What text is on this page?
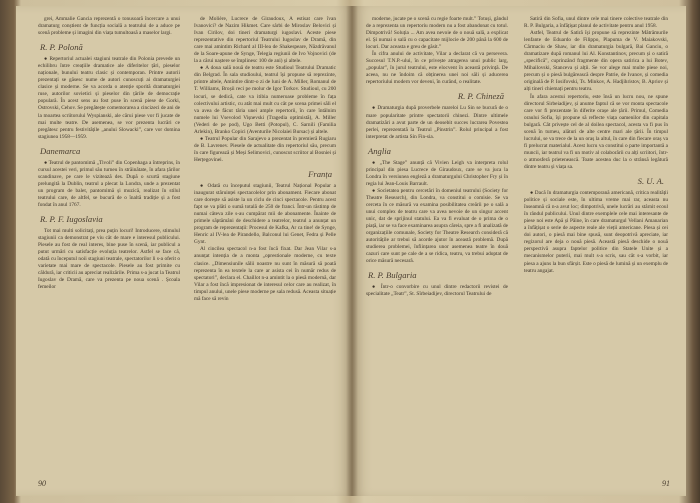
grei, Ammalie Gancia reprezentă o tonusoară încercare a unui dramaturg conștient de funcția socială a teatrului de a aduce pe scenă probleme și imagini din viața tumultoasă a maselor largi.

R. P. Polonă

● Repertoriul actualei stagiuni teatrale din Polonia prevede un echilibru între creațiile dramatice ale diferitelor țări, pieselor naționale, bunului teatru clasic și contemporan. Printre autorii prezentați se găsesc nume de autori cunoscuți ai dramaturgiei clasice și moderne. Se va acorda o atenție sporită dramaturgiei ruse, autorilor sovietici și pieselor din țările de democrație populară. În acest sens au fost puse în scenă piese de Gorki, Ostrovski, Cehov. Se pregătește comemorarea a cincizeci de ani de la moartea scriitorului Wyspianski, ale cărui piese vor fi jucate de mai multe teatre. De asemenea, se vor prezenta lucrări ce pregătesc pentru festivitățile „anului Slowacki”, care vor domina stagiunea 1958—1959.

Danemarca

● Teatrul de pantomimă „Tivoli” din Copenhaga a întreprins, în cursul acestei veri, primul său turneu în străinătate, în afara țărilor scandinave, pe care le vizitează des. După o scurtă stagiune prelungită la Dublin, teatrul a plecat la Londra, unde a prezentat un program de balet, pantomimă și muzică, realizat în stilul teatrului care, de altfel, se bucură de o înaltă tradiție și a fost fondat în anul 1767.

R. P. F. Iugoslavia

Tot mai multi solicitați, prea puțin locuri! Introducere, stimulul stagiunii ca demonstrat pe viu cât de mare e interesul publicului. Piesele au fost de real interes, bine puse în scenă, iar publicul a putut urmări cu satisfacție evoluția teatrelor. Astfel se face că, odată cu începutul noii stagiuni teatrale, spectatorilor li s-a oferit o varietate mai mare de spectacole. Piesele au fost primite cu căldură, iar criticii au apreciat realizările. Prima s-a jucat la Teatrul Iugoslav de Dramă, care va prezenta pe noua scenă . Școala femeilor

de Molière, Lucrece de Giraudoux, A estisat care îvan Ivanovici? de Nazim Hikmet. Care sârbi de Miroslav Belovici și Ivan Cirilov, doi tineri dramaturgi iugoslavi. Aceste piese reprezentative din repertoriul Teatrului Iugoslav de Dramă, din care mai amintim Richard al III-lea de Shakespeare, Năzdrăvanul de la Soare-apune de Synge, Telegia regiunii de Ivo Vojnovici (de la a cărui naștere se împlinesc 100 de ani) și altele.

● A doua sală nouă de teatru este Studioul Teatrului Dramatic din Belgrad. În sala studioului, teatrul își propune să reprezinte, printre altele, Amintire dintr-o zi de luni de A. Miller, Romanul de T. Williams, Broșii reci pe molur de Igor Torkov. Studioul, cu 200 locuri, se dedică, cate va itibia numeroase probleme în fața colectivului artistic, cu atât mai mult cu cât pe scena primei săli el va avea de făcut tăria unei ample repertorii, în care întâlnim numele lui Vsevolod Vișnevski (Tragedia optimistă), A. Miller (Vederi de pe pod), Ugo Betti (Potopul), C. Sarnili (Familia Arlekin), Branko Copici (Aventurile Nicolaiei Bursac) și altele.

● Teatrul Popular din Sarajevo a prezentat în premieră Rugiaru de B. Lavrenev. Piesele de actualitate din repertoriul său, precum în care figurează și Meși Selimovici, cunoscut scriitor al Bosniei și Herțegovinei.

Franța

● Odată cu începutul stagiunii, Teatrul Național Popular a inaugurat stăruinței spectacolelor prin abonament. Fiecare abonat care dorește să asiste la un ciclu de cinci spectacole. Pentru acest fapt se va plăti o sumă totală de 250 de franci. Într-un răstimp de numai câteva zile s-au cumpărat mii de abonamente. Înainte de primele săptămâni de deschidere a teatrelor, teatrul a anunțat un program de reprezentații: Procesul de Kafka, Ar ca tine! de Synge, Henric al IV-lea de Pirandello, Balconul lui Genet, Fedra și Pelle Gynt.

Al cincilea spectacol n-a fost încă fixat. Dar Jean Vilar s-a anunțat intenția de a monta „oprestionale moderne, cu texte clasice. „Dimensiunile sălii noastre nu sunt în măsură să poată reprezenta în ea textele la care ar asista cei în număr redus de spectatori”, declara el. Chaillot n-a amintit la o piesă modernă, dar Vilar a fost încă impresionat de interesul celor care au realizat, în timpul anului, unele piese moderne pe sala redusă. Aceasta situație mă face să revin

90

moderne, jucate pe o scenă cu regie foarte mult.” Totuși, gândul de a reprezenta un repertoriu modern nu a fost abandonat cu totul. Dimpotrivă! Soluția ... Am avea nevoie de o nouă sală, a explicat el. Și numai o sală cu o capacitate mijlocie de 200 până la 600 de locuri. Dar aceasta e greu de găsit.”

În cifra anului de activitate, Vilar a declarat că va persevera. Succesul T.N.P.-ului, în ce privește atragerea unui public larg, „popular”, în jurul teatrului, este elocvent în această privință. De aceea, nu ne îndoim că obținerea unei noi săli și aducerea repertoriului modern vor deveni, în curând, o realitate.

R. P. Chineză

● Dramaturgia după proverbele mareloi Lu Sin se bucură de o mare popularitate printre spectatorii chinezi. Dintre ultimele dramatizări a avut parte de un deosebit succes lucrarea Povestea perlei, reprezentată la Teatrul „Pinstrin”. Rolul principal a fost interpretat de artista Sin Fin-sia.

Anglia

● „The Stage” anunță că Vivien Leigh va interpreta rolul principal din piesa Lucrece de Giraudoux, care se va juca la Londra în versiunea engleză a dramaturgului Christopher Fry și în regia lui Jean-Louis Barrault.

● Societatea pentru cercetări în domeniul teatrului (Society for Theatre Research), din Londra, va constitui o comisie. Se va cerceta în ce măsură va examina posibilitatea creării pe o sală a unui complex de teatru care va avea nevoie de un singur accent unic, dat de sprijinul statului. Ea va fi evaluat de o prima de o piață, iar se va face examinarea asupra căreia, spre a fi analizată de organizațiile comunale, Society for Theatre Research consideră că autoritățile ar trebui să acorde ajutor în această problemă. După studierea problemei, înființarea unor asemenea teatre în două cazuri care sunt pe cale de a se ridica, teatru, va trebui adoptat de orice măsură necesară.

R. P. Bulgaria

● Într-o convorbire cu unul dintre redactorii revistei de specialitate „Teatr”, St. Sîrbeiadijev, directorul Teatrului de

Satiră din Sofia, unul dintre cele mai tinere colective teatrale din R. P. Bulgaria, a înfățișat planul de activitate pentru anul 1958.

Astfel, Teatrul de Satiră își propune să reprezinte Mătrămurile lenfante de Eduardo de Filippo, Plapuma de V. Maiakovski, Cârmaciu de Shaw, iar din dramaturgia bulgară, Bai Ganciu, o dramatizare după romanul lui Al. Konstantinov, precum și o satiră „specifică”, cuprinzând fragmente din opera satirica a lui Botev, Mihailovski, Stanceva și alții. Se vor alege mai multe piese noi, precum și o piesă bulgărească despre Patrie, de Ivanov, și comedia originală de P. Iosifovski, Ts. Minkov, A. Hadjihristov, B. Apriov și alți tineri chiemați pentru teatru.

În afara acestui repertoriu, este însă un lucru nou, ne spune directorul Sirbeiadijev, și anume faptul că se vor monta spectacole care vor fi prezentate în diferite orașe ale țării. Primul, Comedia oraului Sofia, își propune să reflecte viața oamenilor din capitala bulgară. Cât privește cel de al doilea spectacol, acesta va fi pus în scenă în turneu, alături de alte centre mari ale țării. În timpul lucrului, se va trece de la un oraș la altul, în care din fiecare oraș va fi prelucrat materialul. Acest lucru va constitui o parte importantă a muncii, iar teatrul va fi un motiv al colaborării cu alți scriitori, într-o atmosferă prietenească. Toate acestea duc la o strânsă legătură dintre teatru și viața sa.

S. U. A.

● Dacă în dramaturgia contemporană americană, critica realității politice și sociale este, în ultima vreme mai rar, aceasta nu înseamnă că n-a avut loc; dimpotrivă, unele lucrări au stârnit ecoul în rândul publicului. Unul dintre exemplele cele mai interesante de piese noi este Apă și Pâine, în care dramaturgul Vellani Amanarian a înfățișat o serie de aspecte reale ale vieții americane. Piesa și cei doi autori, o piesă mai bine spusă, sunt deopotrivă apreciate, iar regizorul are deja o nouă piesă. Această piesă deschide o nouă perspectivă asupra faptelor politice din Statele Unite și a mecanismelor puterii, mai mult s-a scris, sau cât s-a vorbit, iar piesa a ajuns la bun sfârșit. Este o piesă de lumină și un exemplu de teatru angajat.

91
